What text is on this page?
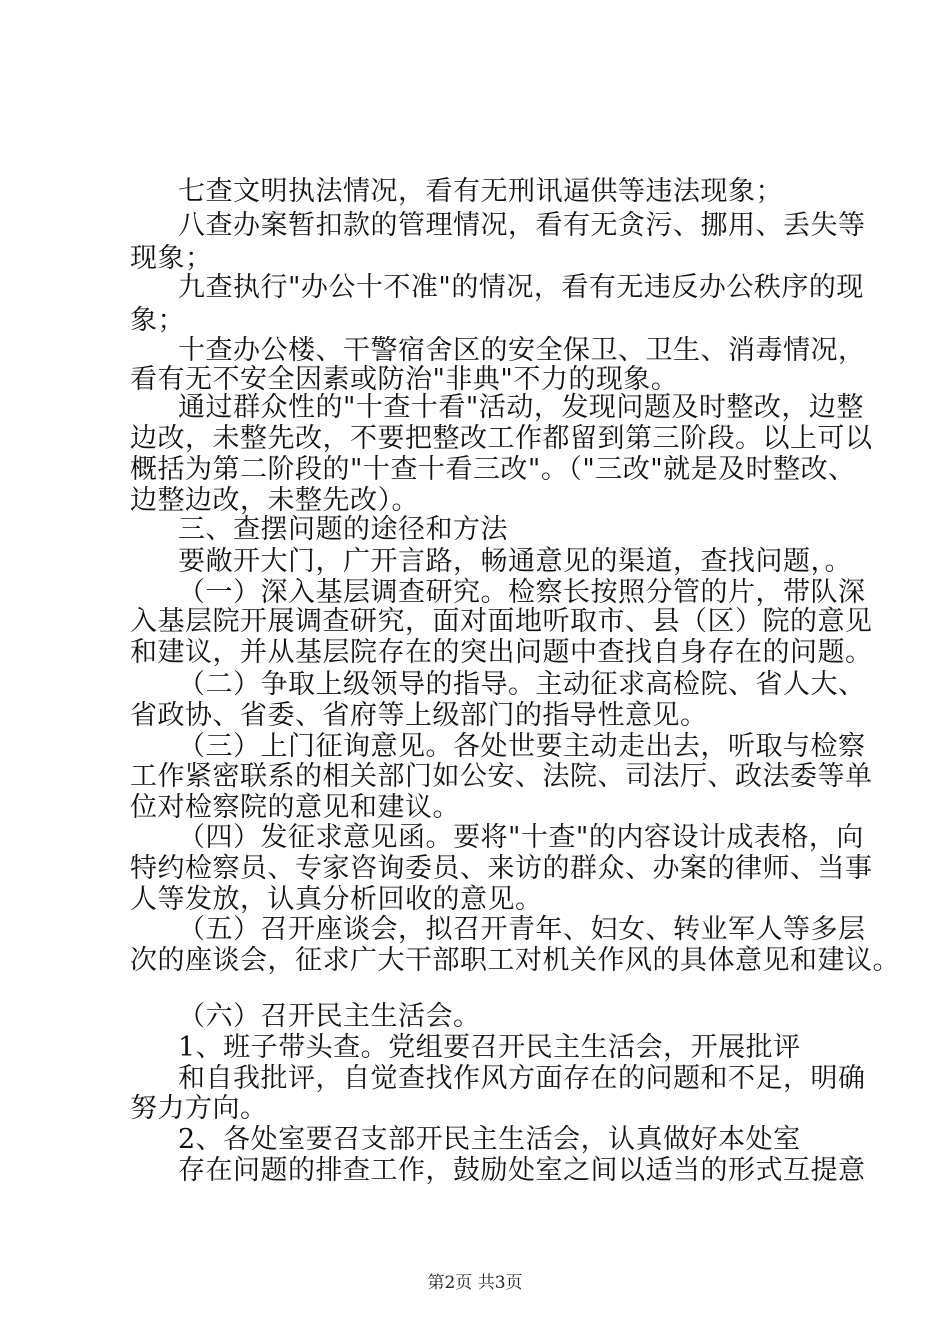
七查文明执法情况，看有无刑讯逼供等违法现象；
八查办案暂扣款的管理情况，看有无贪污、挪用、丢失等
现象；
九查执行"办公十不准"的情况，看有无违反办公秩序的现
象；
十查办公楼、干警宿舍区的安全保卫、卫生、消毒情况，
看有无不安全因素或防治"非典"不力的现象。
通过群众性的"十查十看"活动，发现问题及时整改，边整
边改，未整先改，不要把整改工作都留到第三阶段。以上可以
概括为第二阶段的"十查十看三改"。（"三改"就是及时整改、
边整边改，未整先改）。
三、查摆问题的途径和方法
要敞开大门，广开言路，畅通意见的渠道，查找问题，。
（一）深入基层调查研究。检察长按照分管的片，带队深
入基层院开展调查研究，面对面地听取市、县（区）院的意见
和建议，并从基层院存在的突出问题中查找自身存在的问题。
（二）争取上级领导的指导。主动征求高检院、省人大、
省政协、省委、省府等上级部门的指导性意见。
（三）上门征询意见。各处世要主动走出去，听取与检察
工作紧密联系的相关部门如公安、法院、司法厅、政法委等单
位对检察院的意见和建议。
（四）发征求意见函。要将"十查"的内容设计成表格，向
特约检察员、专家咨询委员、来访的群众、办案的律师、当事
人等发放，认真分析回收的意见。
（五）召开座谈会，拟召开青年、妇女、转业军人等多层
次的座谈会，征求广大干部职工对机关作风的具体意见和建议。
（六）召开民主生活会。
1、班子带头查。党组要召开民主生活会，开展批评
和自我批评，自觉查找作风方面存在的问题和不足，明确
努力方向。
2、各处室要召支部开民主生活会，认真做好本处室
存在问题的排查工作，鼓励处室之间以适当的形式互提意
第2页 共3页
